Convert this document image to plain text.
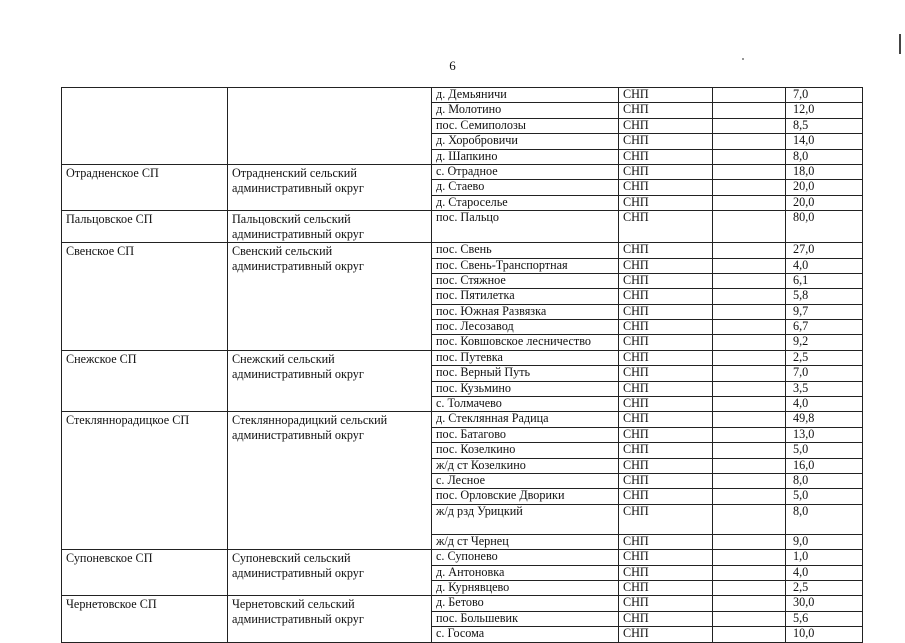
6
		д. Демьяничи	СНП		7,0
		д. Молотино	СНП		12,0
		пос. Семиполозы	СНП		8,5
		д. Хоробровичи	СНП		14,0
		д. Шапкино	СНП		8,0
Отрадненское СП	Отрадненский сельский административный округ	с. Отрадное	СНП		18,0
		д. Стаево	СНП		20,0
		д. Староселье	СНП		20,0
Пальцовское СП	Пальцовский сельский административный округ	пос. Пальцо	СНП		80,0
Свенское СП	Свенский сельский административный округ	пос. Свень	СНП		27,0
		пос. Свень-Транспортная	СНП		4,0
		пос. Стяжное	СНП		6,1
		пос. Пятилетка	СНП		5,8
		пос. Южная Развязка	СНП		9,7
		пос. Лесозавод	СНП		6,7
		пос. Ковшовское лесничество	СНП		9,2
Снежское СП	Снежский сельский административный округ	пос. Путевка	СНП		2,5
		пос. Верный Путь	СНП		7,0
		пос. Кузьмино	СНП		3,5
		с. Толмачево	СНП		4,0
Стекляннорадицкое СП	Стекляннорадицкий сельский административный округ	д. Стеклянная Радица	СНП		49,8
		пос. Батагово	СНП		13,0
		пос. Козелкино	СНП		5,0
		ж/д ст Козелкино	СНП		16,0
		с. Лесное	СНП		8,0
		пос. Орловские Дворики	СНП		5,0
		ж/д рзд Урицкий	СНП		8,0
		ж/д ст Чернец	СНП		9,0
Супоневское СП	Супоневский сельский административный округ	с. Супонево	СНП		1,0
		д. Антоновка	СНП		4,0
		д. Курнявцево	СНП		2,5
Чернетовское СП	Чернетовский сельский административный округ	д. Бетово	СНП		30,0
		пос. Большевик	СНП		5,6
		с. Госома	СНП		10,0
